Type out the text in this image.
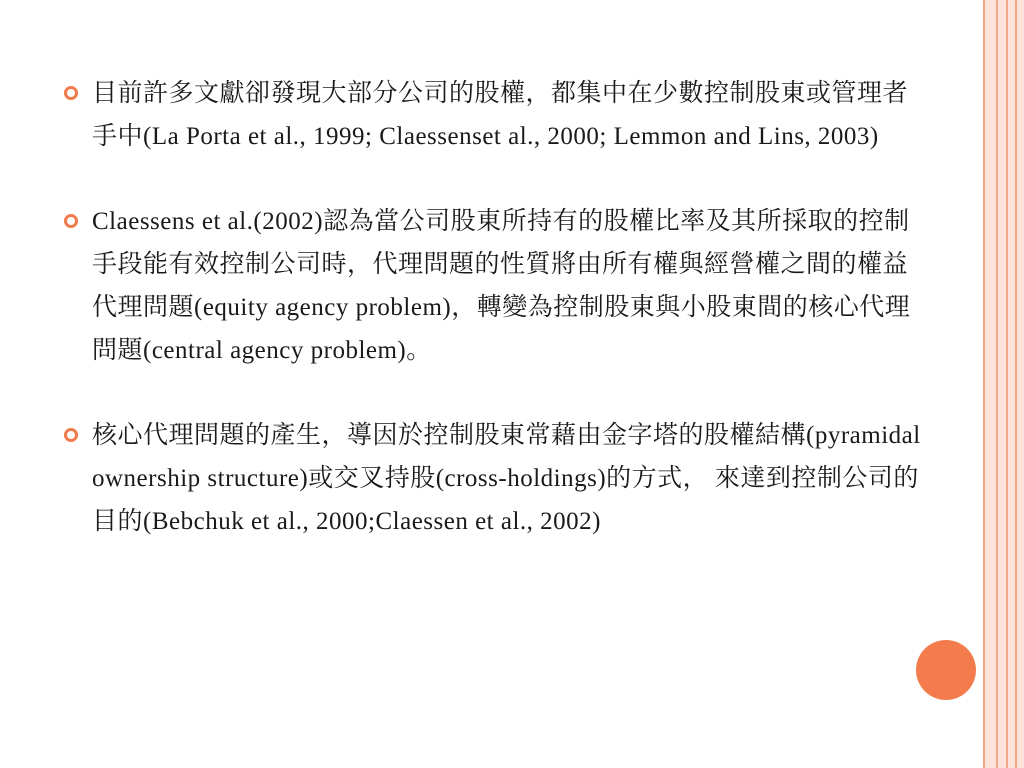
目前許多文獻卻發現大部分公司的股權，都集中在少數控制股東或管理者手中(La Porta et al., 1999; Claessenset al., 2000; Lemmon and Lins, 2003)
Claessens et al.(2002)認為當公司股東所持有的股權比率及其所採取的控制手段能有效控制公司時，代理問題的性質將由所有權與經營權之間的權益代理問題(equity agency problem)，轉變為控制股東與小股東間的核心代理問題(central agency problem)。
核心代理問題的產生，導因於控制股東常藉由金字塔的股權結構(pyramidal ownership structure)或交叉持股(cross-holdings)的方式， 來達到控制公司的目的(Bebchuk et al., 2000;Claessen et al., 2002)
